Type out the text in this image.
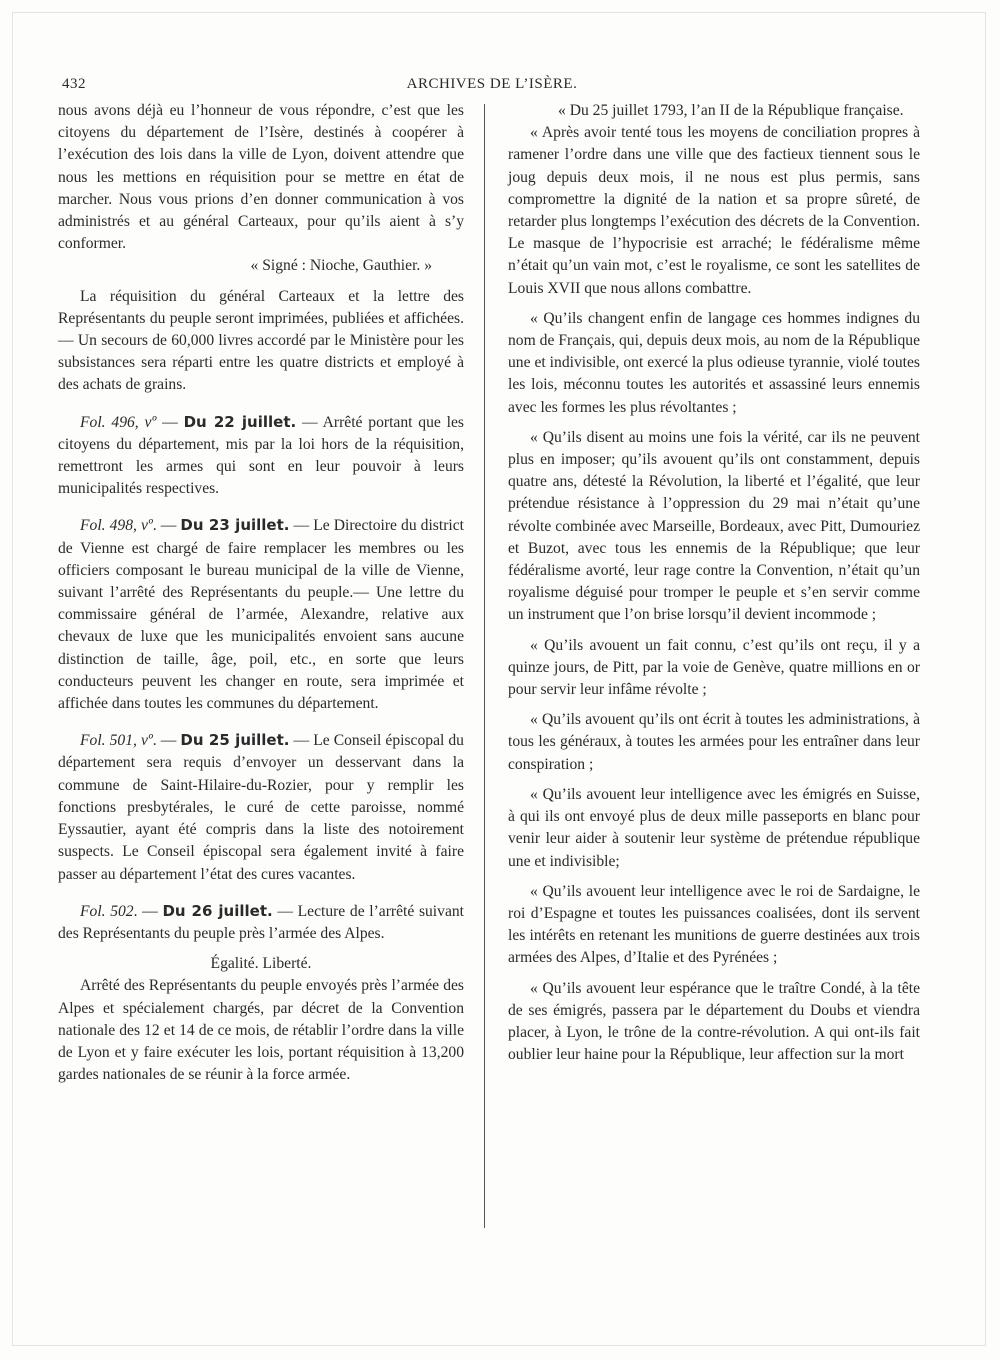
432	ARCHIVES DE L’ISÈRE.

nous avons déjà eu l’honneur de vous répondre, c’est que les citoyens du département de l’Isère, destinés à coopérer à l’exécution des lois dans la ville de Lyon, doivent attendre que nous les mettions en réquisition pour se mettre en état de marcher. Nous vous prions d’en donner communication à vos administrés et au général Carteaux, pour qu’ils aient à s’y conformer.

« Signé : Nioche, Gauthier. »

La réquisition du général Carteaux et la lettre des Représentants du peuple seront imprimées, publiées et affichées. — Un secours de 60,000 livres accordé par le Ministère pour les subsistances sera réparti entre les quatre districts et employé à des achats de grains.

Fol. 496, vº — Du 22 juillet. — Arrêté portant que les citoyens du département, mis par la loi hors de la réquisition, remettront les armes qui sont en leur pouvoir à leurs municipalités respectives.

Fol. 498, vº. — Du 23 juillet. — Le Directoire du district de Vienne est chargé de faire remplacer les membres ou les officiers composant le bureau municipal de la ville de Vienne, suivant l’arrêté des Représentants du peuple.— Une lettre du commissaire général de l’armée, Alexandre, relative aux chevaux de luxe que les municipalités envoient sans aucune distinction de taille, âge, poil, etc., en sorte que leurs conducteurs peuvent les changer en route, sera imprimée et affichée dans toutes les communes du département.

Fol. 501, vº. — Du 25 juillet. — Le Conseil épiscopal du département sera requis d’envoyer un desservant dans la commune de Saint-Hilaire-du-Rozier, pour y remplir les fonctions presbytérales, le curé de cette paroisse, nommé Eyssautier, ayant été compris dans la liste des notoirement suspects. Le Conseil épiscopal sera également invité à faire passer au département l’état des cures vacantes.

Fol. 502. — Du 26 juillet. — Lecture de l’arrêté suivant des Représentants du peuple près l’armée des Alpes.

Égalité. Liberté.

Arrêté des Représentants du peuple envoyés près l’armée des Alpes et spécialement chargés, par décret de la Convention nationale des 12 et 14 de ce mois, de rétablir l’ordre dans la ville de Lyon et y faire exécuter les lois, portant réquisition à 13,200 gardes nationales de se réunir à la force armée.

« Du 25 juillet 1793, l’an II de la République française.

« Après avoir tenté tous les moyens de conciliation propres à ramener l’ordre dans une ville que des factieux tiennent sous le joug depuis deux mois, il ne nous est plus permis, sans compromettre la dignité de la nation et sa propre sûreté, de retarder plus longtemps l’exécution des décrets de la Convention. Le masque de l’hypocrisie est arraché; le fédéralisme même n’était qu’un vain mot, c’est le royalisme, ce sont les satellites de Louis XVII que nous allons combattre.

« Qu’ils changent enfin de langage ces hommes indignes du nom de Français, qui, depuis deux mois, au nom de la République une et indivisible, ont exercé la plus odieuse tyrannie, violé toutes les lois, méconnu toutes les autorités et assassiné leurs ennemis avec les formes les plus révoltantes ;

« Qu’ils disent au moins une fois la vérité, car ils ne peuvent plus en imposer; qu’ils avouent qu’ils ont constamment, depuis quatre ans, détesté la Révolution, la liberté et l’égalité, que leur prétendue résistance à l’oppression du 29 mai n’était qu’une révolte combinée avec Marseille, Bordeaux, avec Pitt, Dumouriez et Buzot, avec tous les ennemis de la République; que leur fédéralisme avorté, leur rage contre la Convention, n’était qu’un royalisme déguisé pour tromper le peuple et s’en servir comme un instrument que l’on brise lorsqu’il devient incommode ;

« Qu’ils avouent un fait connu, c’est qu’ils ont reçu, il y a quinze jours, de Pitt, par la voie de Genève, quatre millions en or pour servir leur infâme révolte ;

« Qu’ils avouent qu’ils ont écrit à toutes les administrations, à tous les généraux, à toutes les armées pour les entraîner dans leur conspiration ;

« Qu’ils avouent leur intelligence avec les émigrés en Suisse, à qui ils ont envoyé plus de deux mille passeports en blanc pour venir leur aider à soutenir leur système de prétendue république une et indivisible;

« Qu’ils avouent leur intelligence avec le roi de Sardaigne, le roi d’Espagne et toutes les puissances coalisées, dont ils servent les intérêts en retenant les munitions de guerre destinées aux trois armées des Alpes, d’Italie et des Pyrénées ;

« Qu’ils avouent leur espérance que le traître Condé, à la tête de ses émigrés, passera par le département du Doubs et viendra placer, à Lyon, le trône de la contre-révolution. A qui ont-ils fait oublier leur haine pour la République, leur affection sur la mort
